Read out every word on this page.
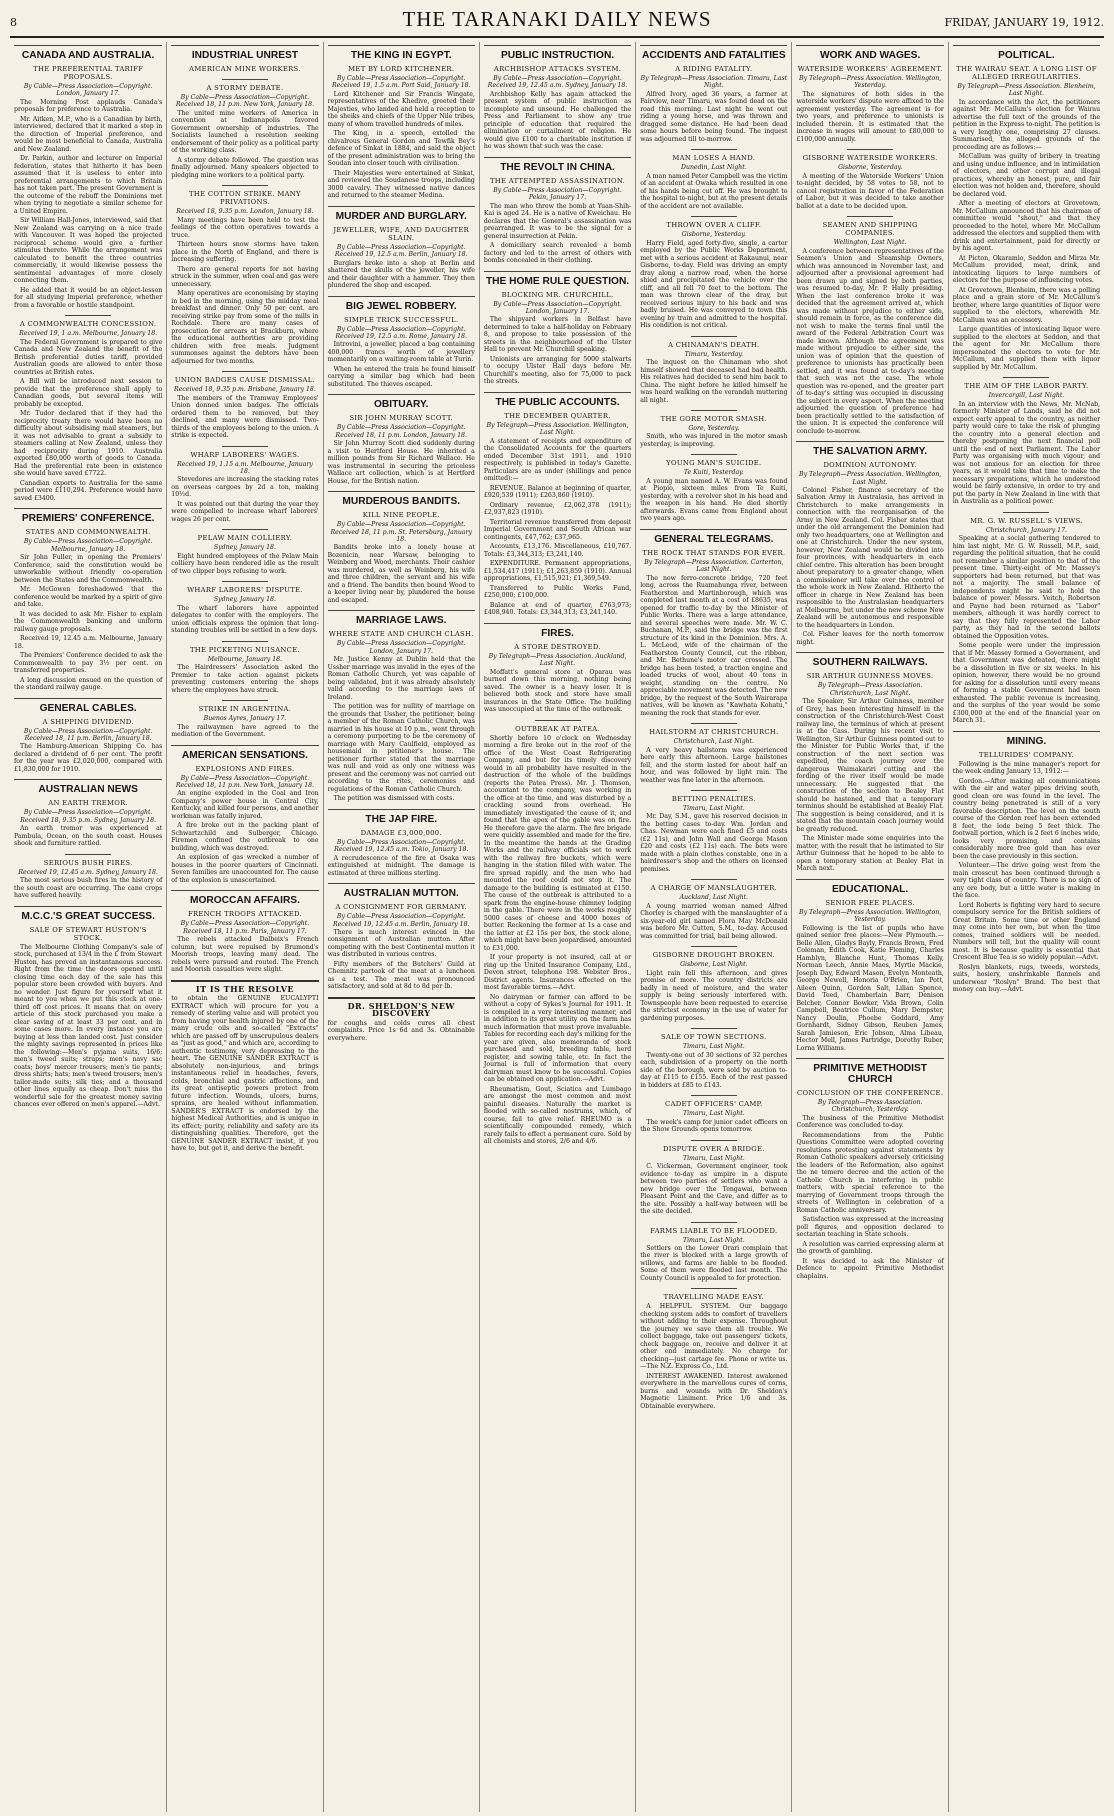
8	THE TARANAKI DAILY NEWS	FRIDAY, JANUARY 19, 1912.
CANADA AND AUSTRALIA.
THE PREFERENTIAL TARIFF PROPOSALS.
By Cable—Press Association—Copyright. London, January 17.
The Morning Post applauds Canada's proposals for preference to Australia.
Mr. Aitken, M.P., who is a Canadian by birth, interviewed, declared that it marked a step in the direction of Imperial preference, and would be most beneficial to Canada, Australia and New Zealand.
Dr. Parkin, author and lecturer on Imperial federation, states that hitherto it has been assumed that it is useless to enter into preferential arrangements to which Britain has not taken part. The present Government is the outcome of the rebuff the Dominions met when trying to negotiate a similar scheme for a United Empire.
Sir William Hall-Jones, interviewed, said that New Zealand was carrying on a nice trade with Vancouver. It was hoped the projected reciprocal scheme would give a further stimulus thereto. While the arrangement was calculated to benefit the three countries commercially, it would likewise possess the sentimental advantages of more closely connecting them.
He added that it would be an object-lesson for all studying Imperial preference, whether from a favorable or hostile standpoint.
A COMMONWEALTH CONCESSION.
Received 19, 1 a.m. Melbourne, January 18.
The Federal Government is prepared to give Canada and New Zealand the benefit of the British preferential duties tariff, provided Australian goods are allowed to enter those countries at British rates.
A Bill will be introduced next session to provide that the preference shall apply to Canadian goods, but several items will probably be excepted.
Mr. Tudor declared that if they had the reciprocity treaty there would have been no difficulty about subsidising mail steamers, but it was not advisable to grant a subsidy to steamers calling at New Zealand, unless they had reciprocity during 1910. Australia exported £80,000 worth of goods to Canada. Had the preferential rate been in existence she would have saved £7722.
Canadian exports to Australia for the same period were £110,294. Preference would have saved £3400.
PREMIERS' CONFERENCE.
STATES AND COMMONWEALTH.
By Cable—Press Association—Copyright. Melbourne, January 18.
Sir John Fuller, in opening the Premiers' Conference, said the constitution would be unworkable without friendly co-operation between the States and the Commonwealth.
Mr. McGowen foreshadowed that the conference would be marked by a spirit of give and take.
It was decided to ask Mr. Fisher to explain the Commonwealth banking and uniform railway gauge proposals.
Received 19, 12.45 a.m. Melbourne, January 18.
The Premiers' Conference decided to ask the Commonwealth to pay 3½ per cent. on transferred properties.
A long discussion ensued on the question of the standard railway gauge.
GENERAL CABLES.
A SHIPPING DIVIDEND.
By Cable—Press Association—Copyright. Received 18, 11 p.m. Berlin, January 18.
The Hamburg-American Shipping Co. has declared a dividend of 6 per cent. The profit for the year was £2,020,000, compared with £1,830,000 for 1910.
AUSTRALIAN NEWS
AN EARTH TREMOR.
By Cable—Press Association—Copyright. Received 18, 9.35 p.m. Sydney, January 18.
An earth tremor was experienced at Pambula, Ocean, on the south coast. Houses shook and furniture rattled.
SERIOUS BUSH FIRES.
Received 19, 12.45 a.m. Sydney, January 18.
The most serious bush fires in the history of the south coast are occurring. The cane crops have suffered heavily.
M.C.C.'S GREAT SUCCESS.
SALE OF STEWART HUSTON'S STOCK.
The Melbourne Clothing Company's sale of stock, purchased at 13/4 in the £ from Stewart Huston, has proved an instantaneous success. Right from the time the doors opened until closing time each day of the sale has this popular store been crowded with buyers. And no wonder. Just figure for yourself what it meant to you when we put this stock at one-third off cost prices. It means that on every article of this stock purchased you make a clear saving of at least 33 per cent. and in some cases more. In every instance you are buying at less than landed cost. Just consider the mighty savings represented in prices like the following:—Men's pyjama suits, 16/6; men's tweed suits; straps; men's navy sac coats; boys' mercer trousers; men's tie pants; dress shirts; hats; men's tweed trousers; men's tailor-made suits; silk ties; and a thousand other lines equally as cheap. Don't miss the wonderful sale for the greatest money saving chances ever offered on men's apparel.—Advt.
INDUSTRIAL UNREST
AMERICAN MINE WORKERS.
A STORMY DEBATE.
By Cable—Press Association—Copyright. Received 18, 11 p.m. New York, January 18.
The united mine workers of America in convention at Indianapolis favored Government ownership of industries. The Socialists launched a resolution seeking endorsement of their policy as a political party of the working class.
A stormy debate followed. The question was finally adjourned. Many speakers objected to pledging mine workers to a political party.
THE COTTON STRIKE. MANY PRIVATIONS.
Received 18, 9.35 p.m. London, January 18.
Many meetings have been held to test the feelings of the cotton operatives towards a truce.
Thirteen hours snow storms have taken place in the North of England, and there is increasing suffering.
There are general reports for not having struck in the summer, when coal and gas were unnecessary.
Many operatives are economising by staying in bed in the morning, using the midday meal breakfast and dinner. Only 50 per cent. are receiving strike pay from some of the mills in Rochdale. There are many cases of prosecution for arrears at Brackburn, where the educational authorities are providing children with free meals. Judgment summonses against the debtors have been adjourned for two months.
UNION BADGES CAUSE DISMISSAL.
Received 18, 9.35 p.m. Brisbane, January 18.
The members of the Tramway Employees' Union donned union badges. The officials ordered them to be removed, but they declined, and many were dismissed. Two-thirds of the employees belong to the union. A strike is expected.
WHARF LABORERS' WAGES.
Received 19, 1.15 a.m. Melbourne, January 18.
Stevedores are increasing the stacking rates on overseas cargoes by 2d a ton, making 10½d.
It was pointed out that during the year they were compelled to increase wharf laborers' wages 26 per cent.
PELAW MAIN COLLIERY.
Sydney, January 18.
Eight hundred employees of the Pelaw Main colliery have been rendered idle as the result of two clipper boys refusing to work.
WHARF LABORERS' DISPUTE.
Sydney, January 18.
The wharf laborers have appointed delegates to confer with the employers. The union officials express the opinion that long-standing troubles will be settled in a few days.
THE PICKETING NUISANCE.
Melbourne, January 18.
The Hairdressers' Association asked the Premier to take action against pickets preventing customers entering the shops where the employees have struck.
STRIKE IN ARGENTINA.
Buenos Ayres, January 17.
The railwaymen have agreed to the mediation of the Government.
AMERICAN SENSATIONS.
EXPLOSIONS AND FIRES.
By Cable—Press Association—Copyright. Received 18, 11 p.m. New York, January 18.
An engine exploded in the Coal and Iron Company's power house in Central City, Kentucky, and killed four persons, and another workman was fatally injured.
A fire broke out in the packing plant of Schwartzchild and Sulberger, Chicago. Firemen confined the outbreak to one building, which was destroyed.
An explosion of gas wrecked a number of houses in the poorer quarters of Cincinnati. Seven families are unaccounted for. The cause of the explosion is unascertained.
MOROCCAN AFFAIRS.
FRENCH TROOPS ATTACKED.
By Cable—Press Association—Copyright. Received 18, 11 p.m. Paris, January 17.
The rebels attacked Dalbeix's French column, but were repulsed by Brumond's Moorish troops, leaving many dead. The rebels were pursued and routed. The French and Moorish casualties were slight.
IT IS THE RESOLVE
to obtain the GENUINE EUCALYPTI EXTRACT which will procure for you a remedy of sterling value and will protect you from having your health injured by one of the many crude oils and so-called "Extracts" which are passed off by unscrupulous dealers as "just as good," and which are, according to authentic testimony, very depressing to the heart. The GENUINE SANDER EXTRACT is absolutely non-injurious, and brings instantaneous relief in headaches, fevers, colds, bronchial and gastric affections, and its great antiseptic powers protect from future infection. Wounds, ulcers, burns, sprains, are healed without inflammation. SANDER'S EXTRACT is endorsed by the highest Medical Authorities, and is unique in its effect; purity, reliability and safety are its distinguishing qualities. Therefore, get the GENUINE SANDER EXTRACT insist, if you have to, but get it, and derive the benefit.
THE KING IN EGYPT.
MET BY LORD KITCHENER.
By Cable—Press Association—Copyright. Received 19, 1.5 a.m. Port Said, January 18.
Lord Kitchener and Sir Francis Wingate, representatives of the Khedive, greeted their Majesties, who landed and held a reception to the sheiks and chiefs of the Upper Nile tribes, many of whom travelled hundreds of miles.
The King, in a speech, extolled the chivalrous General Gordon and Tewfik Bey's defence of Sinkat in 1884, and said the object of the present administration was to bring the Soudan into closer touch with civilisation.
Their Majesties were entertained at Sinkat, and reviewed the Soudanese troops, including 3000 cavalry. They witnessed native dances and returned to the steamer Medina.
MURDER AND BURGLARY.
JEWELLER, WIFE, AND DAUGHTER SLAIN.
By Cable—Press Association—Copyright. Received 19, 12.5 a.m. Berlin, January 18.
Burglars broke into a shop at Berlin and shattered the skulls of the jeweller, his wife and their daughter with a hammer. They then plundered the shop and escaped.
BIG JEWEL ROBBERY.
SIMPLE TRICK SUCCESSFUL.
By Cable—Press Association—Copyright. Received 19, 12.5 a.m. Rome, January 18.
Introvini, a jeweller, placed a bag containing 400,000 francs worth of jewellery momentarily on a waiting-room table at Turin.
When he entered the train he found himself carrying a similar bag which had been substituted. The thieves escaped.
OBITUARY.
SIR JOHN MURRAY SCOTT.
By Cable—Press Association—Copyright. Received 18, 11 p.m. London, January 18.
Sir John Murray Scott died suddenly during a visit to Hertford House. He inherited a million pounds from Sir Richard Wallace. He was instrumental in securing the priceless Wallace art collection, which is at Hertford House, for the British nation.
MURDEROUS BANDITS.
KILL NINE PEOPLE.
By Cable—Press Association—Copyright. Received 18, 11 p.m. St. Petersburg, January 18.
Bandits broke into a lonely house at Bozenicin, near Warsaw, belonging to Weinberg and Wood, merchants. Their cashier was murdered, as well as Weinberg, his wife and three children, the servant and his wife and a friend. The bandits then bound Wood to a keeper living near by, plundered the house and escaped.
MARRIAGE LAWS.
WHERE STATE AND CHURCH CLASH.
By Cable—Press Association—Copyright. London, January 17.
Mr. Justice Kenny at Dublin held that the Ussher marriage was invalid in the eyes of the Roman Catholic Church, yet was capable of being validated, but it was already absolutely valid according to the marriage laws of Ireland.
The petition was for nullity of marriage on the grounds that Ussher, the petitioner, being a member of the Roman Catholic Church, was married in his house at 10 p.m., went through a ceremony purporting to be the ceremony of marriage with Mary Caulfield, employed as housemaid in petitioner's house. The petitioner further stated that the marriage was null and void as only one witness was present and the ceremony was not carried out according to the rites, ceremonies and regulations of the Roman Catholic Church.
The petition was dismissed with costs.
THE JAP FIRE.
DAMAGE £3,000,000.
By Cable—Press Association—Copyright. Received 19, 12.45 a.m. Tokio, January 18.
A recrudescence of the fire at Osaka was extinguished at midnight. The damage is estimated at three millions sterling.
AUSTRALIAN MUTTON.
A CONSIGNMENT FOR GERMANY.
By Cable—Press Association—Copyright. Received 19, 12.45 a.m. Berlin, January 18.
There is much interest evinced in the consignment of Australian mutton. After competing with the best Continental mutton it was distributed in various centres.
Fifty members of the Butchers' Guild at Chemnitz partook of the meat at a luncheon as a test. The meat was pronounced satisfactory, and sold at 8d to 8d per lb.
DR. SHELDON'S NEW DISCOVERY
for coughs and colds cures all chest complaints. Price 1s 6d and 3s. Obtainable everywhere.
PUBLIC INSTRUCTION.
ARCHBISHOP ATTACKS SYSTEM.
By Cable—Press Association—Copyright. Received 19, 12.45 a.m. Sydney, January 18.
Archbishop Kelly has again attacked the present system of public instruction as incomplete and unsound. He challenged the Press and Parliament to show any true principle of education that required the elimination or curtailment of religion. He would give £100 to a charitable institution if he was shown that such was the case.
THE REVOLT IN CHINA.
THE ATTEMPTED ASSASSINATION.
By Cable—Press Association—Copyright. Pekin, January 17.
The man who threw the bomb at Yuan-Shih-Kai is aged 24. He is a native of Kweichau. He declares that the General's assassination was prearranged. It was to be the signal for a general insurrection at Pekin.
A domiciliary search revealed a bomb factory and led to the arrest of others with bombs concealed in their clothing.
THE HOME RULE QUESTION.
BLOCKING MR. CHURCHILL.
By Cable—Press Association—Copyright. London, January 17.
The shipyard workers in Belfast have determined to take a half-holiday on February 8, and propose to take possession of the streets in the neighbourhood of the Ulster Hall to prevent Mr. Churchill speaking.
Unionists are arranging for 5000 stalwarts to occupy Ulster Hall days before Mr. Churchill's meeting, also for 75,000 to pack the streets.
THE PUBLIC ACCOUNTS.
THE DECEMBER QUARTER.
By Telegraph—Press Association. Wellington, Last Night.
A statement of receipts and expenditure of the Consolidated Accounts for the quarters ended December 31st 1911, and 1910 respectively, is published in today's Gazette. Particulars are as under (shillings and pence omitted):—
REVENUE. Balance at beginning of quarter, £920,539 (1911); £263,860 (1910).
Ordinary revenue, £2,062,378 (1911); £2,937,823 (1910).
Territorial revenue transferred from deposit Imperial Government and South African war contingents, £47,762; £37,965.
Accounts, £13,176. Miscellaneous, £10,767. Totals: £3,344,313; £3,241,140.
EXPENDITURE. Permanent appropriations, £1,534,417 (1911); £1,263,859 (1910). Annual appropriations, £1,515,921; £1,369,549.
Transferred to Public Works Fund, £250,000; £100,000.
Balance at end of quarter, £763,973; £408,940. Totals: £3,344,313; £3,241,140.
FIRES.
A STORE DESTROYED.
By Telegraph—Press Association. Auckland, Last Night.
Moffatt's general store at Oparau was burned down this morning, nothing being saved. The owner is a heavy loser. It is believed both stock and store have small insurances in the State Office. The building was unoccupied at the time of the outbreak.
OUTBREAK AT PATEA.
Shortly before 10 o'clock on Wednesday morning a fire broke out in the roof of the office of the West Coast Refrigerating Company, and but for its timely discovery would in all probability have resulted in the destruction of the whole of the buildings (reports the Patea Press). Mr. J. Thomson, accountant to the company, was working in the office at the time, and was disturbed by a crackling sound from overhead. He immediately investigated the cause of it, and found that the apex of the gable was on fire. He therefore gave the alarm. The fire brigade were quickly assembled and made for the fire. In the meantime the hands at the Grading Works and the railway officials set to work with the railway fire buckets, which were hanging in the station filled with water. The fire spread rapidly, and the men who had mounted the roof could not stop it. The damage to the building is estimated at £150. The cause of the outbreak is attributed to a spark from the engine-house chimney lodging in the gable. There were in the works roughly 5000 cases of cheese and 4000 boxes of butter. Reckoning the former at 1s a case and the latter at £2 15s per box, the stock alone, which might have been jeopardised, amounted to £31,000.
If your property is not insured, call at or ring up the United Insurance Company, Ltd., Devon street, telephone 198. Webster Bros., District agents. Insurances effected on the most favorable terms.—Advt.
No dairyman or farmer can afford to be without a copy of Sykes's Journal for 1911. It is compiled in a very interesting manner, and in addition to its great utility on the farm has much information that must prove invaluable. Tables for recording each day's milking for the year are given, also memoranda of stock purchased and sold, breeding table, herd register, and sowing table, etc. In fact the Journal is full of information that every dairyman must know to be successful. Copies can be obtained on application.—Advt.
Rheumatism, Gout, Sciatica and Lumbago are amongst the most common and most painful diseases. Naturally the market is flooded with so-called nostrums, which, of course, fail to give relief. RHEUMO is a scientifically compounded remedy, which rarely fails to effect a permanent cure. Sold by all chemists and stores, 2/6 and 4/6.
ACCIDENTS AND FATALITIES
A RIDING FATALITY.
By Telegraph—Press Association. Timaru, Last Night.
Alfred Ivory, aged 36 years, a farmer at Fairview, near Timaru, was found dead on the road this morning. Last night he went out riding a young horse, and was thrown and dragged some distance. He had been dead some hours before being found. The inquest was adjourned till to-morrow.
MAN LOSES A HAND.
Dunedin, Last Night.
A man named Peter Campbell was the victim of an accident at Owaka which resulted in one of his hands being cut off. He was brought to the hospital to-night, but at the present details of the accident are not available.
THROWN OVER A CLIFF.
Gisborne, Yesterday.
Harry Field, aged forty-five, single, a carter employed by the Public Works Department, met with a serious accident at Rakaunui, near Gisborne, to-day. Field was driving an empty dray along a narrow road, when the horse shied and precipitated the vehicle over the cliff, and all fell 70 feet to the bottom. The man was thrown clear of the dray, but received serious injury to his back and was badly bruised. He was conveyed to town this evening by train and admitted to the hospital. His condition is not critical.
A CHINAMAN'S DEATH.
Timaru, Yesterday.
The inquest on the Chinaman who shot himself showed that deceased had bad health. His relatives had decided to send him back to China. The night before he killed himself he was heard walking on the verandah muttering all night.
THE GORE MOTOR SMASH.
Gore, Yesterday.
Smith, who was injured in the motor smash yesterday, is improving.
YOUNG MAN'S SUICIDE.
Te Kuiti, Yesterday.
A young man named A. W. Evans was found at Piopio, sixteen miles from Te Kuiti, yesterday, with a revolver shot in his head and the weapon in his hand. He died shortly afterwards. Evans came from England about two years ago.
GENERAL TELEGRAMS.
THE ROCK THAT STANDS FOR EVER.
By Telegraph—Press Association. Carterton, Last Night.
The new ferro-concrete bridge, 720 feet long, across the Ruamahunga river, between Featherston and Martinborough, which was completed last month at a cost of £8635, was opened for traffic to-day by the Minister of Public Works. There was a large attendance, and several speeches were made. Mr. W. C. Buchanan, M.P., said the bridge was the first structure of its kind in the Dominion. Mrs. A. L. McLeod, wife of the chairman of the Featherston County Council, cut the ribbon, and Mr. Bethune's motor car crossed. The bridge has been tested, a traction engine and loaded trucks of wool, about 40 tons in weight, standing on the centre. No appreciable movement was detected. The new bridge, by the request of the South Wairarapa natives, will be known as "Kawhata Kohatu," meaning the rock that stands for ever.
HAILSTORM AT CHRISTCHURCH.
Christchurch, Last Night.
A very heavy hailstorm was experienced here early this afternoon. Large hailstones fell, and the storm lasted for about half an hour, and was followed by light rain. The weather was fine later in the afternoon.
BETTING PENALTIES.
Timaru, Last Night.
Mr. Day, S.M., gave his reserved decision in the betting cases to-day. Wm. Jordan and Chas. Newman were each fined £5 and costs (£2 11s), and John Wall and George Mason £20 and costs (£2 11s) each. The bets were made with a plain clothes constable, one in a hairdresser's shop and the others on licensed premises.
A CHARGE OF MANSLAUGHTER.
Auckland, Last Night.
A young married woman named Alfred Chorley is charged with the manslaughter of a six-year-old girl named Flora May McDonald was before Mr. Cutten, S.M., to-day. Accused was committed for trial, bail being allowed.
GISBORNE DROUGHT BROKEN.
Gisborne, Last Night.
Light rain fell this afternoon, and gives promise of more. The country districts are badly in need of moisture, and the water supply is being seriously interfered with. Townspeople have been requested to exercise the strictest economy in the use of water for gardening purposes.
SALE OF TOWN SECTIONS.
Timaru, Last Night.
Twenty-one out of 30 sections of 32 perches each, subdivision of a property on the north side of the borough, were sold by auction to-day at £115 to £155. Each of the rest passed in bidders at £85 to £143.
CADET OFFICERS' CAMP.
Timaru, Last Night.
The week's camp for junior cadet officers on the Show Grounds opens tomorrow.
DISPUTE OVER A BRIDGE.
Timaru, Last Night.
C. Vickerman, Government engineer, took evidence to-day as umpire in a dispute between two parties of settlers who want a new bridge over the Tengawai, between Pleasant Point and the Cave, and differ as to the site. Possibly a half-way between will be the site decided.
FARMS LIABLE TO BE FLOODED.
Timaru, Last Night.
Settlers on the Lower Orari complain that the river is blocked with a large growth of willows, and farms are liable to be flooded. Some of them were flooded last month. The County Council is appealed to for protection.
TRAVELLING MADE EASY.
A HELPFUL SYSTEM. Our baggage checking system adds to comfort of travellers without adding to their expense. Throughout the journey we save them all trouble. We collect baggage, take out passengers' tickets, check baggage on, receive and deliver it at other end immediately. No charge for checking—just cartage fee. Phone or write us.—The N.Z. Express Co., Ltd.
INTEREST AWAKENED. Interest awakened everywhere in the marvellous cures of corns, burns and wounds with Dr. Sheldon's Magnetic Liniment. Price 1/6 and 3s. Obtainable everywhere.
WORK AND WAGES.
WATERSIDE WORKERS' AGREEMENT.
By Telegraph—Press Association. Wellington, Yesterday.
The signatures of both sides in the waterside workers' dispute were affixed to the agreement yesterday. The agreement is for two years, and preference to unionists is included therein. It is estimated that the increase in wages will amount to £80,000 to £100,000 annually.
GISBORNE WATERSIDE WORKERS.
Gisborne, Yesterday.
A meeting of the Waterside Workers' Union to-night decided, by 58 votes to 58, not to cancel registration in favor of the Federation of Labor, but it was decided to take another ballot at a date to be decided upon.
SEAMEN AND SHIPPING COMPANIES.
Wellington, Last Night.
A conference between representatives of the Seamen's Union and Steamship Owners, which was announced in November last, and adjourned after a provisional agreement had been drawn up and signed by both parties, was resumed to-day, Mr. P. Hally presiding. When the last conference broke it was decided that the agreement arrived at, which was made without prejudice to either side, should remain in force, as the conference did not wish to make the terms final until the award of the Federal Arbitration Court was made known. Although the agreement was made without prejudice to either side, the union was of opinion that the question of preference to unionists has practically been settled, and it was found at to-day's meeting that such was not the case. The whole question was re-opened, and the greater part of to-day's sitting was occupied in discussing the subject in every aspect. When the meeting adjourned the question of preference had been practically settled to the satisfaction of the union. It is expected the conference will conclude to-morrow.
THE SALVATION ARMY.
DOMINION AUTONOMY.
By Telegraph—Press Association. Wellington, Last Night.
Colonel Fisher, finance secretary of the Salvation Army in Australasia, has arrived in Christchurch to make arrangements in connection with the reorganisation of the Army in New Zealand. Col. Fisher states that under the old arrangement the Dominion had only two headquarters, one at Wellington and one at Christchurch. Under the new system, however, New Zealand would be divided into four provinces, with headquarters in each chief centre. This alteration has been brought about preparatory to a greater change, when a commissioner will take over the control of the whole work in New Zealand. Hitherto the officer in charge in New Zealand has been responsible to the Australasian headquarters at Melbourne, but under the new scheme New Zealand will be autonomous and responsible to the headquarters in London.
Col. Fisher leaves for the north tomorrow night.
SOUTHERN RAILWAYS.
SIR ARTHUR GUINNESS MOVES.
By Telegraph—Press Association. Christchurch, Last Night.
The Speaker, Sir Arthur Guinness, member of Grey, has been interesting himself in the construction of the Christchurch-West Coast railway line, the terminus of which at present is at the Cass. During his recent visit to Wellington, Sir Arthur Guinness pointed out to the Minister for Public Works that, if the construction of the next section was expedited, the coach journey over the dangerous Waimakariri cutting and the fording of the river itself would be made unnecessary. He suggested that the construction of the section to Bealey Flat should be hastened, and that a temporary terminus should be established at Bealey Flat. The suggestion is being considered, and it is stated that the mountain coach journey would be greatly reduced.
The Minister made some enquiries into the matter, with the result that he intimated to Sir Arthur Guinness that he hoped to be able to open a temporary station at Bealey Flat in March next.
EDUCATIONAL.
SENIOR FREE PLACES.
By Telegraph—Press Association. Wellington, Yesterday.
Following is the list of pupils who have gained senior free places:—New Plymouth.—Belle Allen, Gladys Bayly, Francis Brown, Fred Coleman, Edith Cook, Katie Fleming, Charles Hamblyn, Blanche Hunt, Thomas Kelly, Norman Leech, Annie Maes, Myrtle Mackie, Joseph Day, Edward Mason, Evelyn Monteath, George Newell, Honoria O'Brien, Ian Pott, Aileen Quinn, Gordon Salt, Lilian Spence, David Teed, Chamberlain Barr, Denison Belcher, Connor Bowker, Vida Brown, Colin Campbell, Beatrice Cullum, Mary Dempster, Nancy Doulin, Phoebe Goddard, Amy Gornhardt, Sidney Gibson, Reuben James, Sarah Jamieson, Eric Jobson, Alma Libeau, Hector Mell, James Partridge, Dorothy Ruber, Lorna Williams.
PRIMITIVE METHODIST CHURCH
CONCLUSION OF THE CONFERENCE.
By Telegraph—Press Association. Christchurch, Yesterday.
The business of the Primitive Methodist Conference was concluded to-day.
Recommendations from the Public Questions Committee were adopted covering resolutions protesting against statements by Roman Catholic speakers adversely criticising the leaders of the Reformation, also against the ne temere decree and the action of the Catholic Church in interfering in public matters, with special reference to the marrying of Government troops through the streets of Wellington in celebration of a Roman Catholic anniversary.
Satisfaction was expressed at the increasing poll figures, and opposition declared to sectarian teaching in State schools.
A resolution was carried expressing alarm at the growth of gambling.
It was decided to ask the Minister of Defence to appoint Primitive Methodist chaplains.
POLITICAL.
THE WAIRAU SEAT. A LONG LIST OF ALLEGED IRREGULARITIES.
By Telegraph—Press Association. Blenheim, Last Night.
In accordance with the Act, the petitioners against Mr. McCallum's election for Wairau advertise the full text of the grounds of the petition in the Express to-night. The petition is a very lengthy one, comprising 27 clauses. Summarised, the alleged grounds of the proceeding are as follows:—
McCallum was guilty of bribery in treating and using undue influence, and in intimidation of electors, and other corrupt and illegal practices, whereby an honest, pure, and fair election was not holden and, therefore, should be declared void.
After a meeting of electors at Grovetown, Mr. McCallum announced that his chairman of committee would "shout," and that they proceeded to the hotel, where Mr. McCallum addressed the electors and supplied them with drink and entertainment, paid for directly or by his agent.
At Picton, Okaramio, Seddon and Mirza Mr. McCallum provided, meat, drink, and intoxicating liquors to large numbers of electors for the purpose of influencing votes.
At Grovetown, Blenheim, there was a polling place and a grain store of Mr. McCallum's brother, where large quantities of liquor were supplied to the electors, wherewith Mr. McCallum was an accessory.
Large quantities of intoxicating liquor were supplied to the electors at Seddon, and that the agent for Mr. McCallum there impersonated the electors to vote for Mr. McCallum, and supplied them with liquor supplied by Mr. McCallum.
THE AIM OF THE LABOR PARTY.
Invercargill, Last Night.
In an interview with the News, Mr. McNab, formerly Minister of Lands, said he did not expect early appeal to the country, as neither party would care to take the risk of plunging the country into a general election and thereby postponing the next financial poll until the end of next Parliament. The Labor Party was organising with much vigour, and was not anxious for an election for three years, as it would take that time to make the necessary preparations, which he understood would be fairly extensive, in order to try and put the party in New Zealand in line with that in Australia as a political power.
MR. G. W. RUSSELL'S VIEWS.
Christchurch, January 17.
Speaking at a social gathering tendered to him last night, Mr. G. W. Russell, M.P., said, regarding the political situation, that he could not remember a similar position to that of the present time. Thirty-eight of Mr. Massey's supporters had been returned, but that was not a majority. The small balance of independents might be said to hold the balance of power. Messrs. Veitch, Robertson and Payne had been returned as "Labor" members, although it was hardly correct to say that they fully represented the Labor party, as they had in the second ballots obtained the Opposition votes.
Some people were under the impression that if Mr. Massey formed a Government, and that Government was defeated, there might be a dissolution in five or six weeks. In his opinion, however, there would be no ground for asking for a dissolution until every means of forming a stable Government had been exhausted. The public revenue is increasing, and the surplus of the year would be some £300,000 at the end of the financial year on March 31.
MINING.
TELLURIDES' COMPANY.
Following is the mine manager's report for the week ending January 13, 1912:—
Gordon.—After making all communications with the air and water pipes driving south, good clean ore was found in the level. The country being penetrated is still of a very favorable description. The level on the south course of the Gordon reef has been extended 8 feet, the lode being 5 feet thick. The footwall portion, which is 2 feet 6 inches wide, looks very promising, and contains considerably more free gold than has ever been the case previously in this section.
Volunteer.—The drive going west from the main crosscut has been continued through a very tight class of country. There is no sign of any ore body, but a little water is making in the face.
Lord Roberts is fighting very hard to secure compulsory service for the British soldiers of Great Britain. Some time or other England may come into her own, but when the time comes, trained soldiers will be needed. Numbers will tell, but the quality will count most. It is because quality is essential that Crescent Blue Tea is so widely popular.—Advt.
Roslyn blankets, rugs, tweeds, worsteds, suits, hosiery, unshrinkable flannels and underwear "Roslyn" Brand. The best that money can buy.—Advt.
